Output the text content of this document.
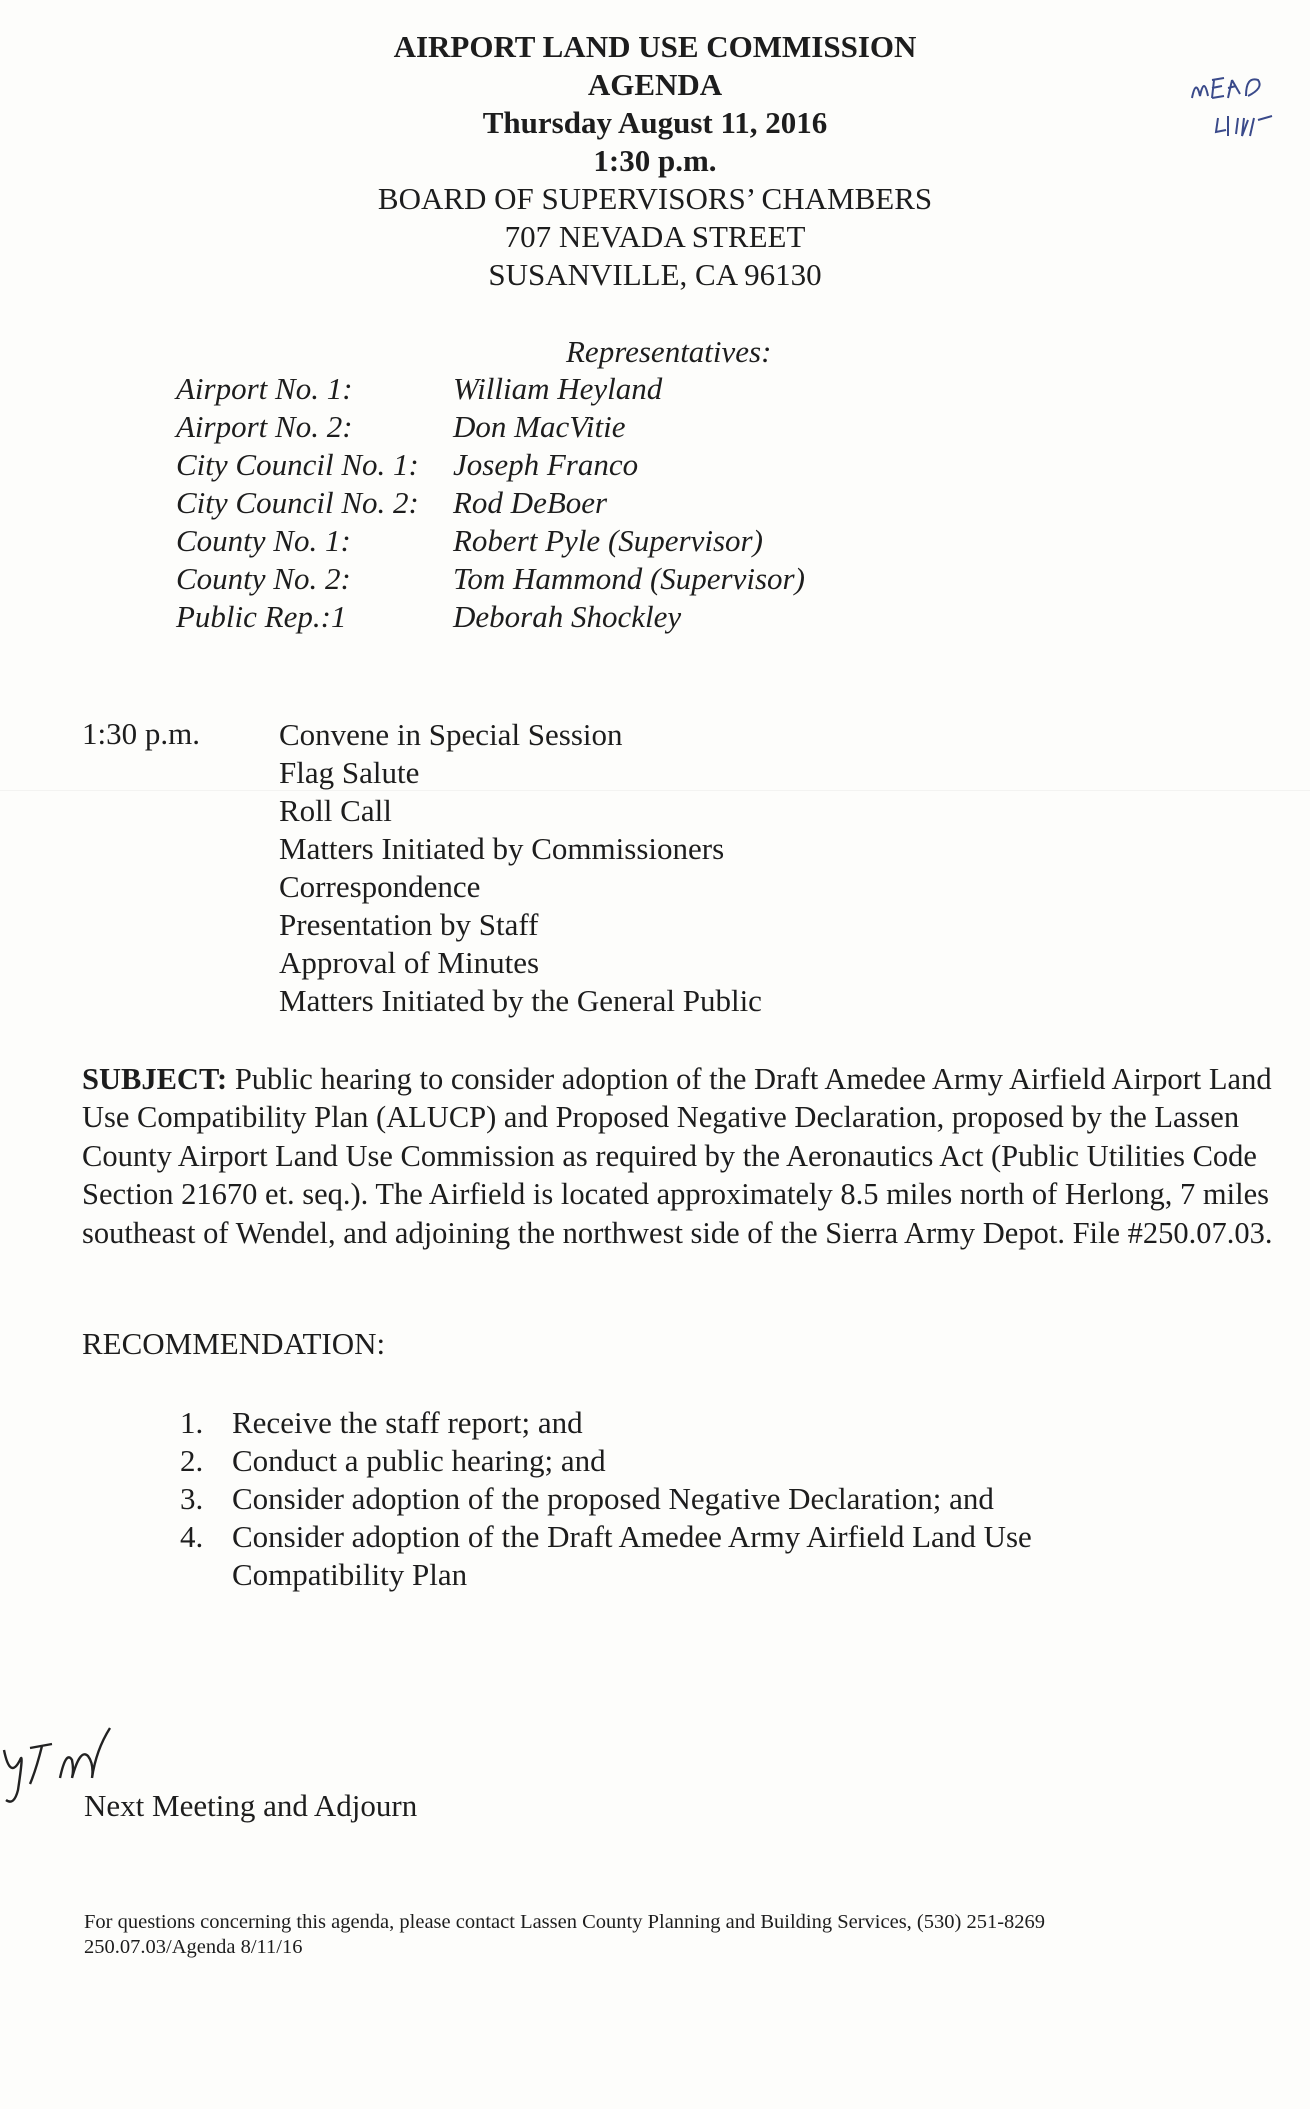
AIRPORT LAND USE COMMISSION
AGENDA
Thursday August 11, 2016
1:30 p.m.
BOARD OF SUPERVISORS’ CHAMBERS
707 NEVADA STREET
SUSANVILLE, CA 96130
Representatives:
Airport No. 1:	William Heyland
Airport No. 2:	Don MacVitie
City Council No. 1: Joseph Franco
City Council No. 2: Rod DeBoer
County No. 1:	Robert Pyle (Supervisor)
County No. 2:	Tom Hammond (Supervisor)
Public Rep.:1	Deborah Shockley
1:30 p.m.	Convene in Special Session
Flag Salute
Roll Call
Matters Initiated by Commissioners
Correspondence
Presentation by Staff
Approval of Minutes
Matters Initiated by the General Public
SUBJECT: Public hearing to consider adoption of the Draft Amedee Army Airfield Airport Land Use Compatibility Plan (ALUCP) and Proposed Negative Declaration, proposed by the Lassen County Airport Land Use Commission as required by the Aeronautics Act (Public Utilities Code Section 21670 et. seq.). The Airfield is located approximately 8.5 miles north of Herlong, 7 miles southeast of Wendel, and adjoining the northwest side of the Sierra Army Depot. File #250.07.03.
RECOMMENDATION:
1. Receive the staff report; and
2. Conduct a public hearing; and
3. Consider adoption of the proposed Negative Declaration; and
4. Consider adoption of the Draft Amedee Army Airfield Land Use Compatibility Plan
Next Meeting and Adjourn
For questions concerning this agenda, please contact Lassen County Planning and Building Services, (530) 251-8269
250.07.03/Agenda 8/11/16
